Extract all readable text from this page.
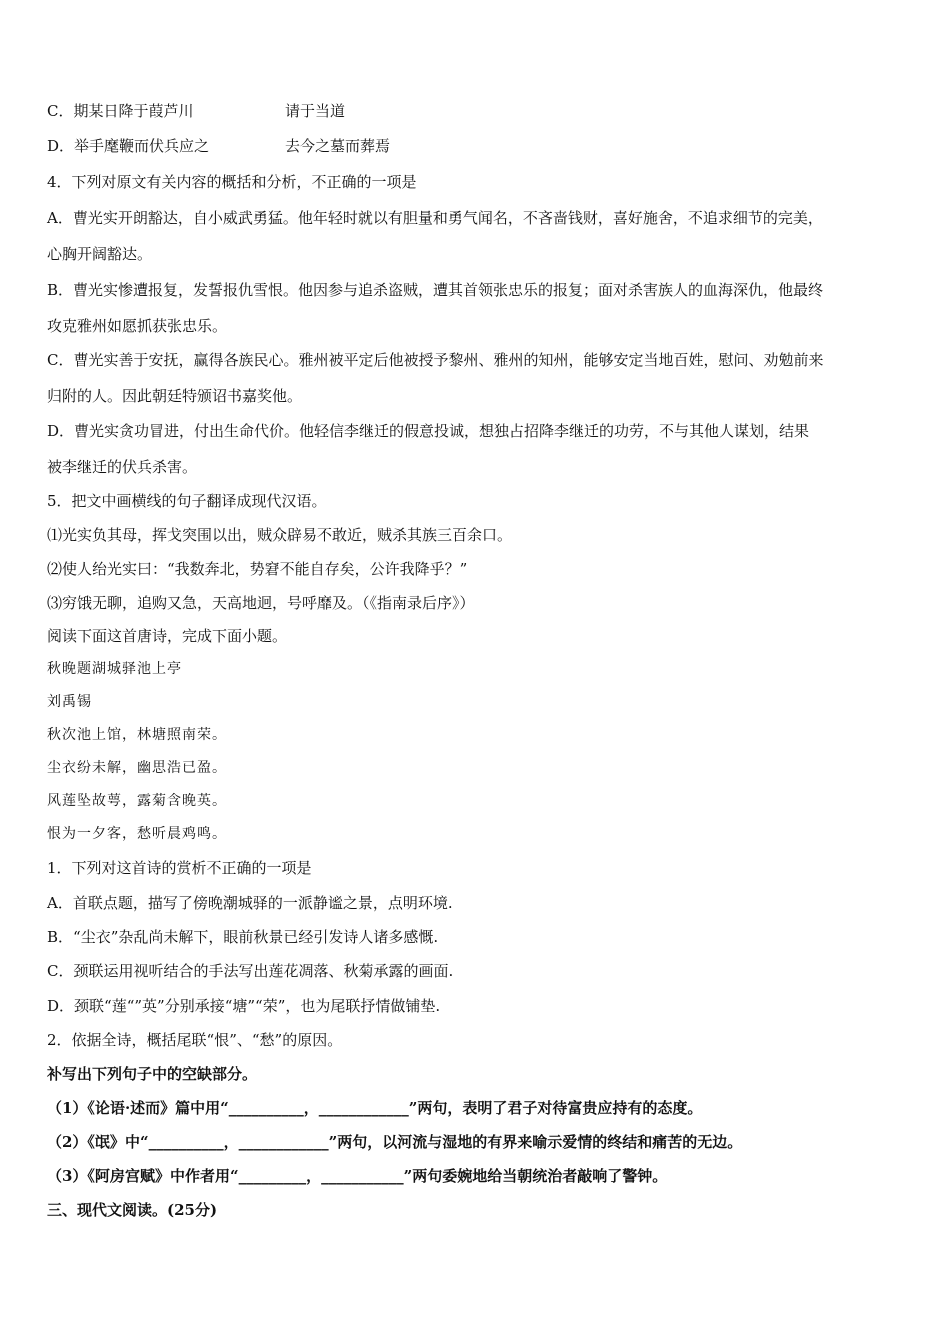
C．期某日降于葭芦川	请于当道
D．举手麾鞭而伏兵应之	去今之墓而葬焉
4．下列对原文有关内容的概括和分析，不正确的一项是
A．曹光实开朗豁达，自小威武勇猛。他年轻时就以有胆量和勇气闻名，不吝啬钱财，喜好施舍，不追求细节的完美，
心胸开阔豁达。
B．曹光实惨遭报复，发誓报仇雪恨。他因参与追杀盗贼，遭其首领张忠乐的报复；面对杀害族人的血海深仇，他最终
攻克雅州如愿抓获张忠乐。
C．曹光实善于安抚，赢得各族民心。雅州被平定后他被授予黎州、雅州的知州，能够安定当地百姓，慰问、劝勉前来
归附的人。因此朝廷特颁诏书嘉奖他。
D．曹光实贪功冒进，付出生命代价。他轻信李继迁的假意投诚，想独占招降李继迁的功劳，不与其他人谋划，结果
被李继迁的伏兵杀害。
5．把文中画横线的句子翻译成现代汉语。
⑴光实负其母，挥戈突围以出，贼众辟易不敢近，贼杀其族三百余口。
⑵使人绐光实曰：“我数奔北，势窘不能自存矣，公许我降乎？”
⑶穷饿无聊，追购又急，天高地迥，号呼靡及。（《指南录后序》）
阅读下面这首唐诗，完成下面小题。
秋晚题湖城驿池上亭
刘禹锡
秋次池上馆，林塘照南荣。
尘衣纷未解，幽思浩已盈。
风莲坠故萼，露菊含晚英。
恨为一夕客，愁听晨鸡鸣。
1．下列对这首诗的赏析不正确的一项是
A．首联点题，描写了傍晚潮城驿的一派静谧之景，点明环境.
B．“尘衣”杂乱尚未解下，眼前秋景已经引发诗人诸多感慨.
C．颈联运用视听结合的手法写出莲花凋落、秋菊承露的画面.
D．颈联“莲“”英”分别承接“塘”“荣”，也为尾联抒情做铺垫.
2．依据全诗，概括尾联“恨”、“愁”的原因。
补写出下列句子中的空缺部分。
（1）《论语·述而》篇中用“__________，____________”两句，表明了君子对待富贵应持有的态度。
（2）《氓》中“__________，____________”两句，以河流与湿地的有界来喻示爱情的终结和痛苦的无边。
（3）《阿房宫赋》中作者用“_________，___________”两句委婉地给当朝统治者敲响了警钟。
三、现代文阅读。(25分)
